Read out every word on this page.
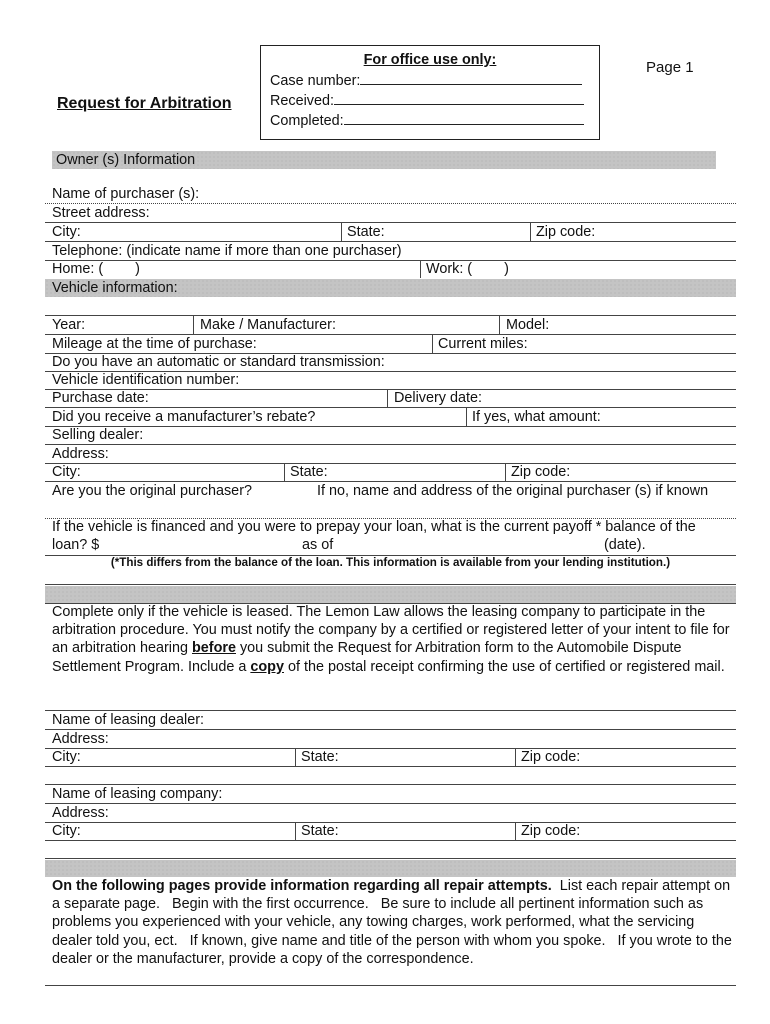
Request for Arbitration
Page 1
For office use only:
Case number:
Received:
Completed:
Owner (s) Information
Name of purchaser (s):
Street address:
City:	State:	Zip code:
Telephone: (indicate name if more than one purchaser)
Home: (        )	Work: (        )
Vehicle information:
Year:	Make / Manufacturer:	Model:
Mileage at the time of purchase:	Current miles:
Do you have an automatic or standard transmission:
Vehicle identification number:
Purchase date:	Delivery date:
Did you receive a manufacturer’s rebate?	If yes, what amount:
Selling dealer:
Address:
City:	State:	Zip code:
Are you the original purchaser?	If no, name and address of the original purchaser (s) if known
If the vehicle is financed and you were to prepay your loan, what is the current payoff * balance of the
loan? $	as of	(date).
(*This differs from the balance of the loan. This information is available from your lending institution.)
Complete only if the vehicle is leased. The Lemon Law allows the leasing company to participate in the arbitration procedure. You must notify the company by a certified or registered letter of your intent to file for an arbitration hearing before you submit the Request for Arbitration form to the Automobile Dispute Settlement Program. Include a copy of the postal receipt confirming the use of certified or registered mail.
Name of leasing dealer:
Address:
City:	State:	Zip code:
Name of leasing company:
Address:
City:	State:	Zip code:
On the following pages provide information regarding all repair attempts.  List each repair attempt on a separate page.   Begin with the first occurrence.   Be sure to include all pertinent information such as problems you experienced with your vehicle, any towing charges, work performed, what the servicing dealer told you, ect.   If known, give name and title of the person with whom you spoke.   If you wrote to the dealer or the manufacturer, provide a copy of the correspondence.
